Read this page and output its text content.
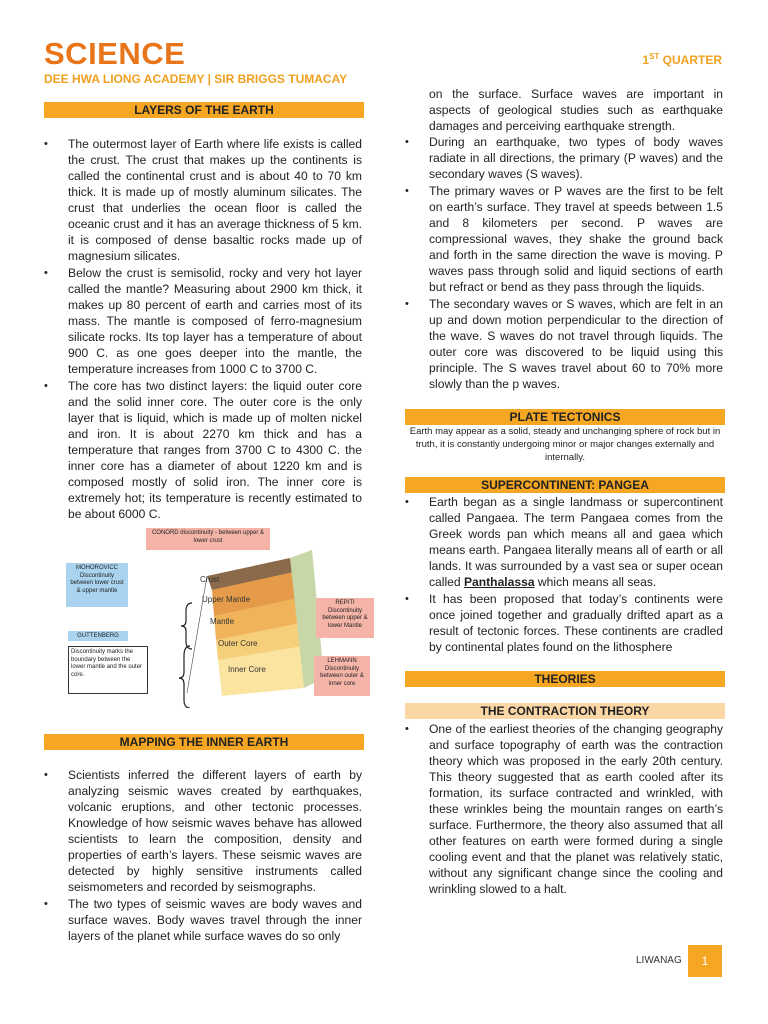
SCIENCE
DEE HWA LIONG ACADEMY | SIR BRIGGS TUMACAY
1ST QUARTER
LAYERS OF THE EARTH
• The outermost layer of Earth where life exists is called the crust. The crust that makes up the continents is called the continental crust and is about 40 to 70 km thick. It is made up of mostly aluminum silicates. The crust that underlies the ocean floor is called the oceanic crust and it has an average thickness of 5 km. it is composed of dense basaltic rocks made up of magnesium silicates.
• Below the crust is semisolid, rocky and very hot layer called the mantle? Measuring about 2900 km thick, it makes up 80 percent of earth and carries most of its mass. The mantle is composed of ferro-magnesium silicate rocks. Its top layer has a temperature of about 900 C. as one goes deeper into the mantle, the temperature increases from 1000 C to 3700 C.
• The core has two distinct layers: the liquid outer core and the solid inner core. The outer core is the only layer that is liquid, which is made up of molten nickel and iron. It is about 2270 km thick and has a temperature that ranges from 3700 C to 4300 C. the inner core has a diameter of about 1220 km and is composed mostly of solid iron. The inner core is extremely hot; its temperature is recently estimated to be about 6000 C.
CONORD discontinuity - between upper & lower crust
MOHOROVICC Discontinuity between lower crust & upper mantle
GUTTENBERG
Discontinuity marks the boundary between the lower mantle and the outer core.
REPITI Discontinuity between upper & lower Mantle
LEHMANN Discontinuity between outer & inner core
Crust
Upper Mantle
Mantle
Outer Core
Inner Core
MAPPING THE INNER EARTH
• Scientists inferred the different layers of earth by analyzing seismic waves created by earthquakes, volcanic eruptions, and other tectonic processes. Knowledge of how seismic waves behave has allowed scientists to learn the composition, density and properties of earth’s layers. These seismic waves are detected by highly sensitive instruments called seismometers and recorded by seismographs.
• The two types of seismic waves are body waves and surface waves. Body waves travel through the inner layers of the planet while surface waves do so only
on the surface. Surface waves are important in aspects of geological studies such as earthquake damages and perceiving earthquake strength.
• During an earthquake, two types of body waves radiate in all directions, the primary (P waves) and the secondary waves (S waves).
• The primary waves or P waves are the first to be felt on earth’s surface. They travel at speeds between 1.5 and 8 kilometers per second. P waves are compressional waves, they shake the ground back and forth in the same direction the wave is moving. P waves pass through solid and liquid sections of earth but refract or bend as they pass through the liquids.
• The secondary waves or S waves, which are felt in an up and down motion perpendicular to the direction of the wave. S waves do not travel through liquids. The outer core was discovered to be liquid using this principle. The S waves travel about 60 to 70% more slowly than the p waves.
PLATE TECTONICS
Earth may appear as a solid, steady and unchanging sphere of rock but in truth, it is constantly undergoing minor or major changes externally and internally.
SUPERCONTINENT: PANGEA
• Earth began as a single landmass or supercontinent called Pangaea. The term Pangaea comes from the Greek words pan which means all and gaea which means earth. Pangaea literally means all of earth or all lands. It was surrounded by a vast sea or super ocean called Panthalassa which means all seas.
• It has been proposed that today’s continents were once joined together and gradually drifted apart as a result of tectonic forces. These continents are cradled by continental plates found on the lithosphere
THEORIES
THE CONTRACTION THEORY
• One of the earliest theories of the changing geography and surface topography of earth was the contraction theory which was proposed in the early 20th century. This theory suggested that as earth cooled after its formation, its surface contracted and wrinkled, with these wrinkles being the mountain ranges on earth’s surface. Furthermore, the theory also assumed that all other features on earth were formed during a single cooling event and that the planet was relatively static, without any significant change since the cooling and wrinkling slowed to a halt.
LIWANAG	1
